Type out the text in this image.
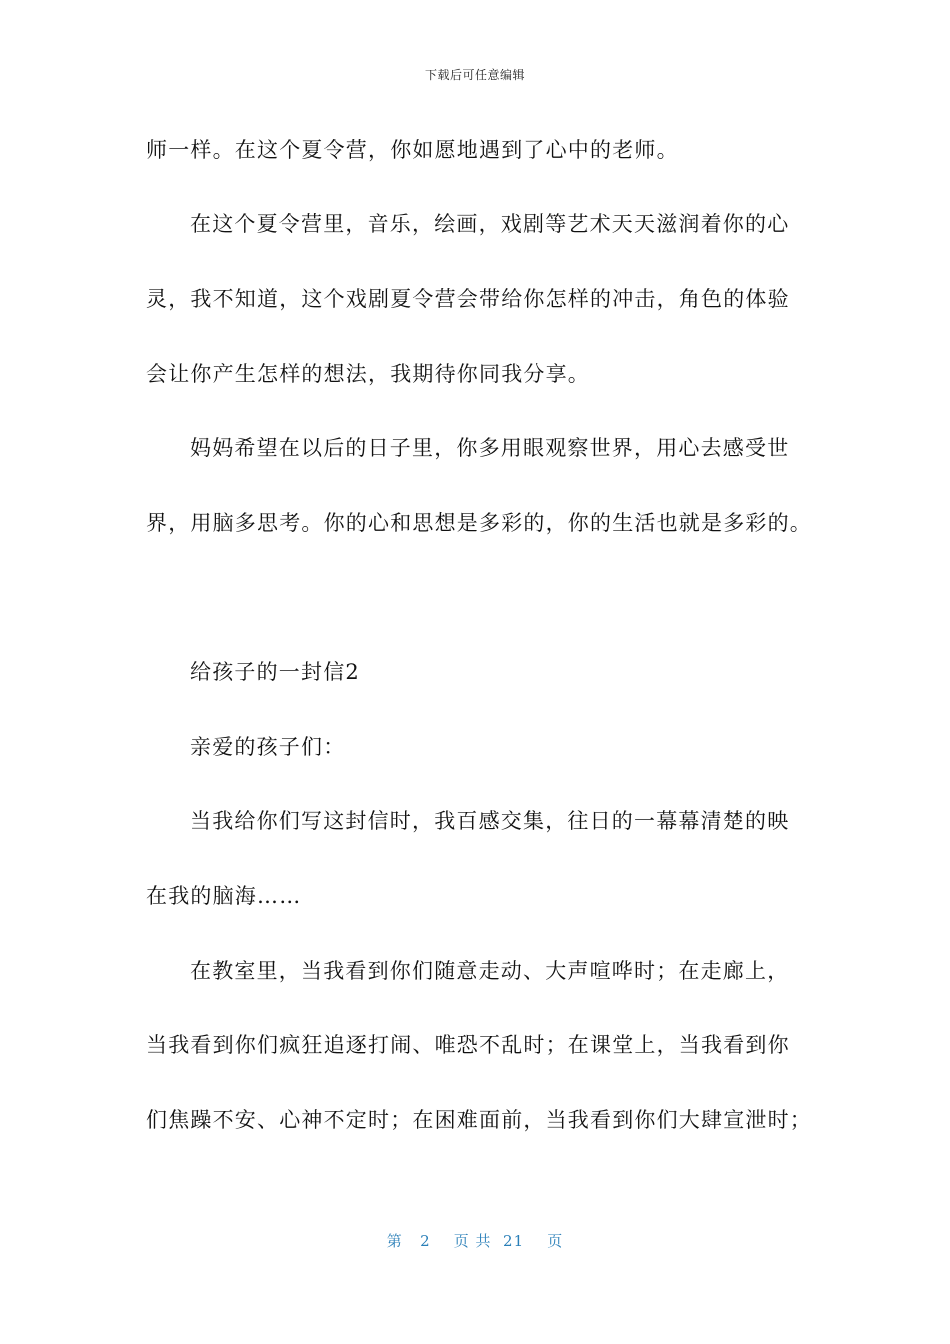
下载后可任意编辑
师一样。在这个夏令营，你如愿地遇到了心中的老师。
在这个夏令营里，音乐，绘画，戏剧等艺术天天滋润着你的心
灵，我不知道，这个戏剧夏令营会带给你怎样的冲击，角色的体验
会让你产生怎样的想法，我期待你同我分享。
妈妈希望在以后的日子里，你多用眼观察世界，用心去感受世
界，用脑多思考。你的心和思想是多彩的，你的生活也就是多彩的。
给孩子的一封信2
亲爱的孩子们：
当我给你们写这封信时，我百感交集，往日的一幕幕清楚的映
在我的脑海……
在教室里，当我看到你们随意走动、大声喧哗时；在走廊上，
当我看到你们疯狂追逐打闹、唯恐不乱时；在课堂上，当我看到你
们焦躁不安、心神不定时；在困难面前，当我看到你们大肆宣泄时；
第 2 页 共 21 页
